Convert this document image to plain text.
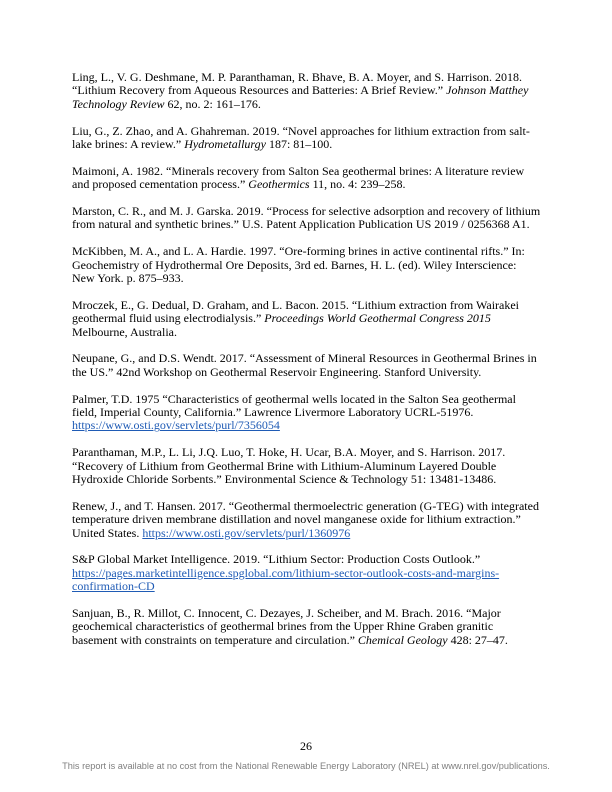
Ling, L., V. G. Deshmane, M. P. Paranthaman, R. Bhave, B. A. Moyer, and S. Harrison. 2018. “Lithium Recovery from Aqueous Resources and Batteries: A Brief Review.” Johnson Matthey Technology Review 62, no. 2: 161–176.

Liu, G., Z. Zhao, and A. Ghahreman. 2019. “Novel approaches for lithium extraction from salt-lake brines: A review.” Hydrometallurgy 187: 81–100.

Maimoni, A. 1982. “Minerals recovery from Salton Sea geothermal brines: A literature review and proposed cementation process.” Geothermics 11, no. 4: 239–258.

Marston, C. R., and M. J. Garska. 2019. “Process for selective adsorption and recovery of lithium from natural and synthetic brines.” U.S. Patent Application Publication US 2019 / 0256368 A1.

McKibben, M. A., and L. A. Hardie. 1997. “Ore-forming brines in active continental rifts.” In: Geochemistry of Hydrothermal Ore Deposits, 3rd ed. Barnes, H. L. (ed). Wiley Interscience: New York. p. 875–933.

Mroczek, E., G. Dedual, D. Graham, and L. Bacon. 2015. “Lithium extraction from Wairakei geothermal fluid using electrodialysis.” Proceedings World Geothermal Congress 2015 Melbourne, Australia.

Neupane, G., and D.S. Wendt. 2017. “Assessment of Mineral Resources in Geothermal Brines in the US.” 42nd Workshop on Geothermal Reservoir Engineering. Stanford University.

Palmer, T.D. 1975 “Characteristics of geothermal wells located in the Salton Sea geothermal field, Imperial County, California.” Lawrence Livermore Laboratory UCRL-51976. https://www.osti.gov/servlets/purl/7356054

Paranthaman, M.P., L. Li, J.Q. Luo, T. Hoke, H. Ucar, B.A. Moyer, and S. Harrison. 2017. “Recovery of Lithium from Geothermal Brine with Lithium-Aluminum Layered Double Hydroxide Chloride Sorbents.” Environmental Science & Technology 51: 13481-13486.

Renew, J., and T. Hansen. 2017. “Geothermal thermoelectric generation (G-TEG) with integrated temperature driven membrane distillation and novel manganese oxide for lithium extraction.” United States. https://www.osti.gov/servlets/purl/1360976

S&P Global Market Intelligence. 2019. “Lithium Sector: Production Costs Outlook.” https://pages.marketintelligence.spglobal.com/lithium-sector-outlook-costs-and-margins-confirmation-CD

Sanjuan, B., R. Millot, C. Innocent, C. Dezayes, J. Scheiber, and M. Brach. 2016. “Major geochemical characteristics of geothermal brines from the Upper Rhine Graben granitic basement with constraints on temperature and circulation.” Chemical Geology 428: 27–47.

26
This report is available at no cost from the National Renewable Energy Laboratory (NREL) at www.nrel.gov/publications.
